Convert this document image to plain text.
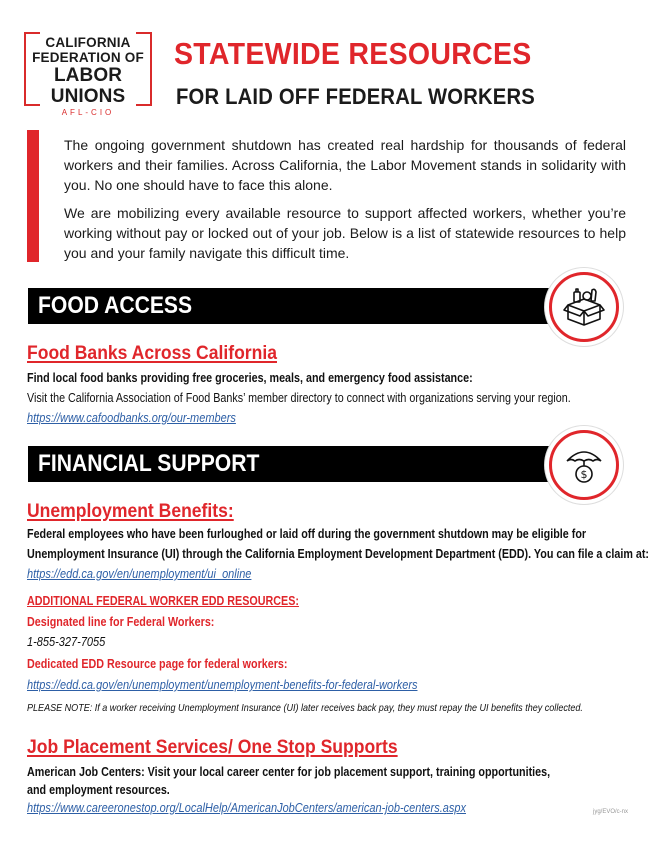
CALIFORNIA
FEDERATION OF
LABOR UNIONS
AFL-CIO
STATEWIDE RESOURCES
FOR LAID OFF FEDERAL WORKERS

The ongoing government shutdown has created real hardship for thousands of federal workers and their families. Across California, the Labor Movement stands in solidarity with you. No one should have to face this alone.

We are mobilizing every available resource to support affected workers, whether you’re working without pay or locked out of your job. Below is a list of statewide resources to help you and your family navigate this difficult time.

FOOD ACCESS
Food Banks Across California
Find local food banks providing free groceries, meals, and emergency food assistance:
Visit the California Association of Food Banks’ member directory to connect with organizations serving your region.
https://www.cafoodbanks.org/our-members
FINANCIAL SUPPORT	$
Unemployment Benefits:
Federal employees who have been furloughed or laid off during the government shutdown may be eligible for
Unemployment Insurance (UI) through the California Employment Development Department (EDD). You can file a claim at:
https://edd.ca.gov/en/unemployment/ui_online
ADDITIONAL FEDERAL WORKER EDD RESOURCES:
Designated line for Federal Workers:
1-855-327-7055
Dedicated EDD Resource page for federal workers:
https://edd.ca.gov/en/unemployment/unemployment-benefits-for-federal-workers
PLEASE NOTE: If a worker receiving Unemployment Insurance (UI) later receives back pay, they must repay the UI benefits they collected.
Job Placement Services/ One Stop Supports
American Job Centers: Visit your local career center for job placement support, training opportunities,
and employment resources.
https://www.careeronestop.org/LocalHelp/AmericanJobCenters/american-job-centers.aspx	jyg/EVO/c-nx
